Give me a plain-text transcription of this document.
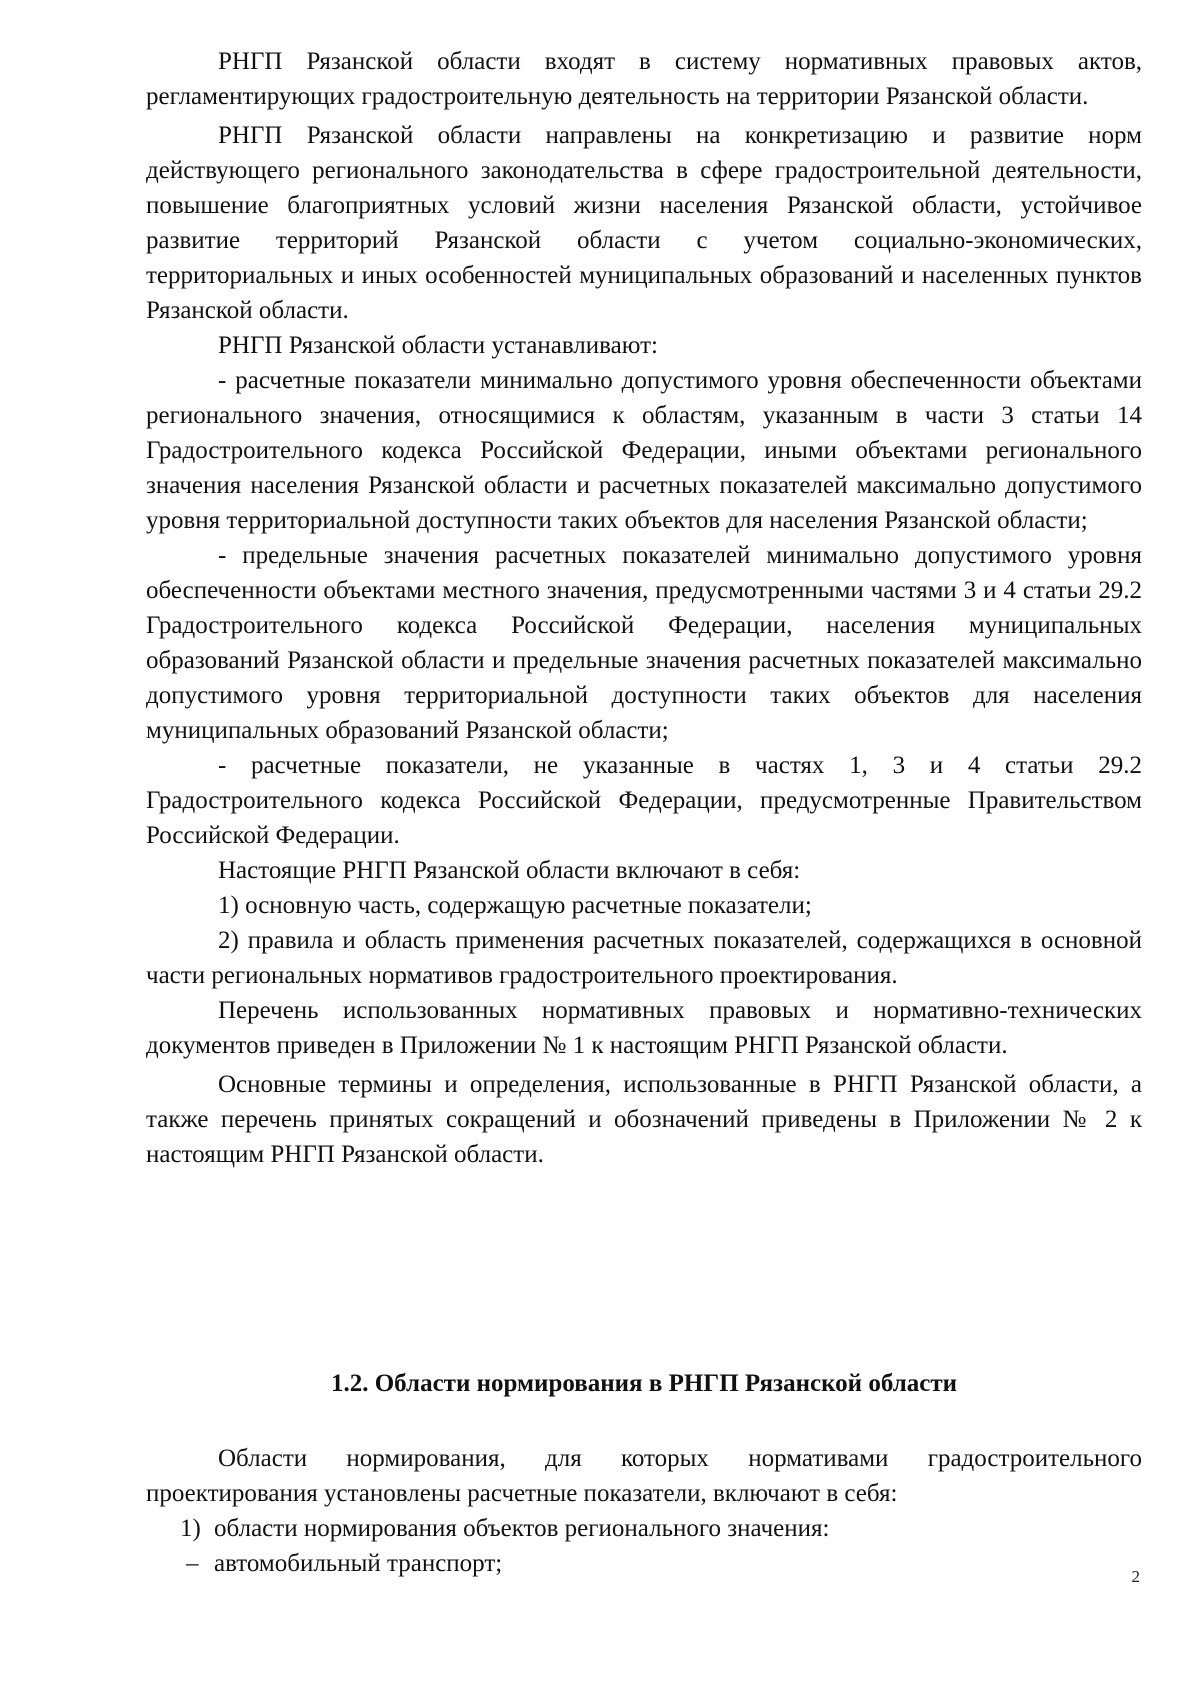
РНГП Рязанской области входят в систему нормативных правовых актов, регламентирующих градостроительную деятельность на территории Рязанской области.

РНГП Рязанской области направлены на конкретизацию и развитие норм действующего регионального законодательства в сфере градостроительной деятельности, повышение благоприятных условий жизни населения Рязанской области, устойчивое развитие территорий Рязанской области с учетом социально-экономических, территориальных и иных особенностей муниципальных образований и населенных пунктов Рязанской области.

РНГП Рязанской области устанавливают:

- расчетные показатели минимально допустимого уровня обеспеченности объектами регионального значения, относящимися к областям, указанным в части 3 статьи 14 Градостроительного кодекса Российской Федерации, иными объектами регионального значения населения Рязанской области и расчетных показателей максимально допустимого уровня территориальной доступности таких объектов для населения Рязанской области;

- предельные значения расчетных показателей минимально допустимого уровня обеспеченности объектами местного значения, предусмотренными частями 3 и 4 статьи 29.2 Градостроительного кодекса Российской Федерации, населения муниципальных образований Рязанской области и предельные значения расчетных показателей максимально допустимого уровня территориальной доступности таких объектов для населения муниципальных образований Рязанской области;

- расчетные показатели, не указанные в частях 1, 3 и 4 статьи 29.2 Градостроительного кодекса Российской Федерации, предусмотренные Правительством Российской Федерации.

Настоящие РНГП Рязанской области включают в себя:

1) основную часть, содержащую расчетные показатели;

2) правила и область применения расчетных показателей, содержащихся в основной части региональных нормативов градостроительного проектирования.

Перечень использованных нормативных правовых и нормативно-технических документов приведен в Приложении № 1 к настоящим РНГП Рязанской области.

Основные термины и определения, использованные в РНГП Рязанской области, а также перечень принятых сокращений и обозначений приведены в Приложении № 2 к настоящим РНГП Рязанской области.

1.2. Области нормирования в РНГП Рязанской области

Области нормирования, для которых нормативами градостроительного проектирования установлены расчетные показатели, включают в себя:

1) области нормирования объектов регионального значения:
– автомобильный транспорт;	2
